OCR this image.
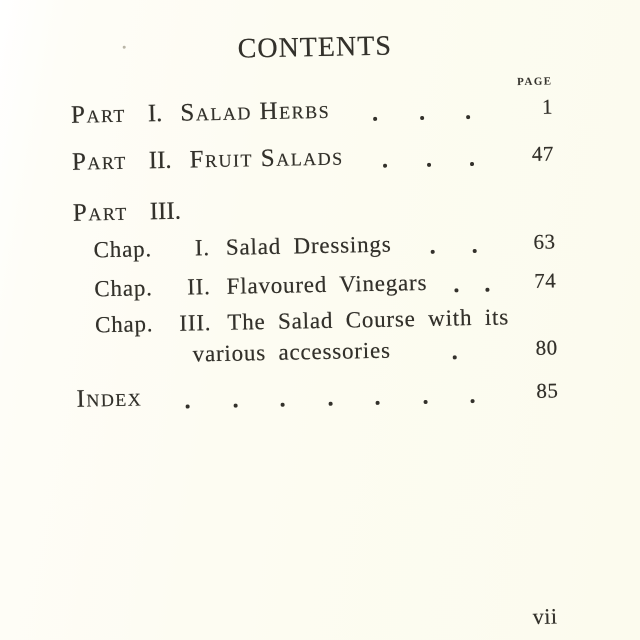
CONTENTS
PAGE
Part I. Salad Herbs	1
Part II. Fruit Salads	47
Part III.
Chap.	I. Salad Dressings	63
Chap.	II. Flavoured Vinegars	74
Chap.	III. The Salad Course with its
various accessories	80
Index	85
vii
